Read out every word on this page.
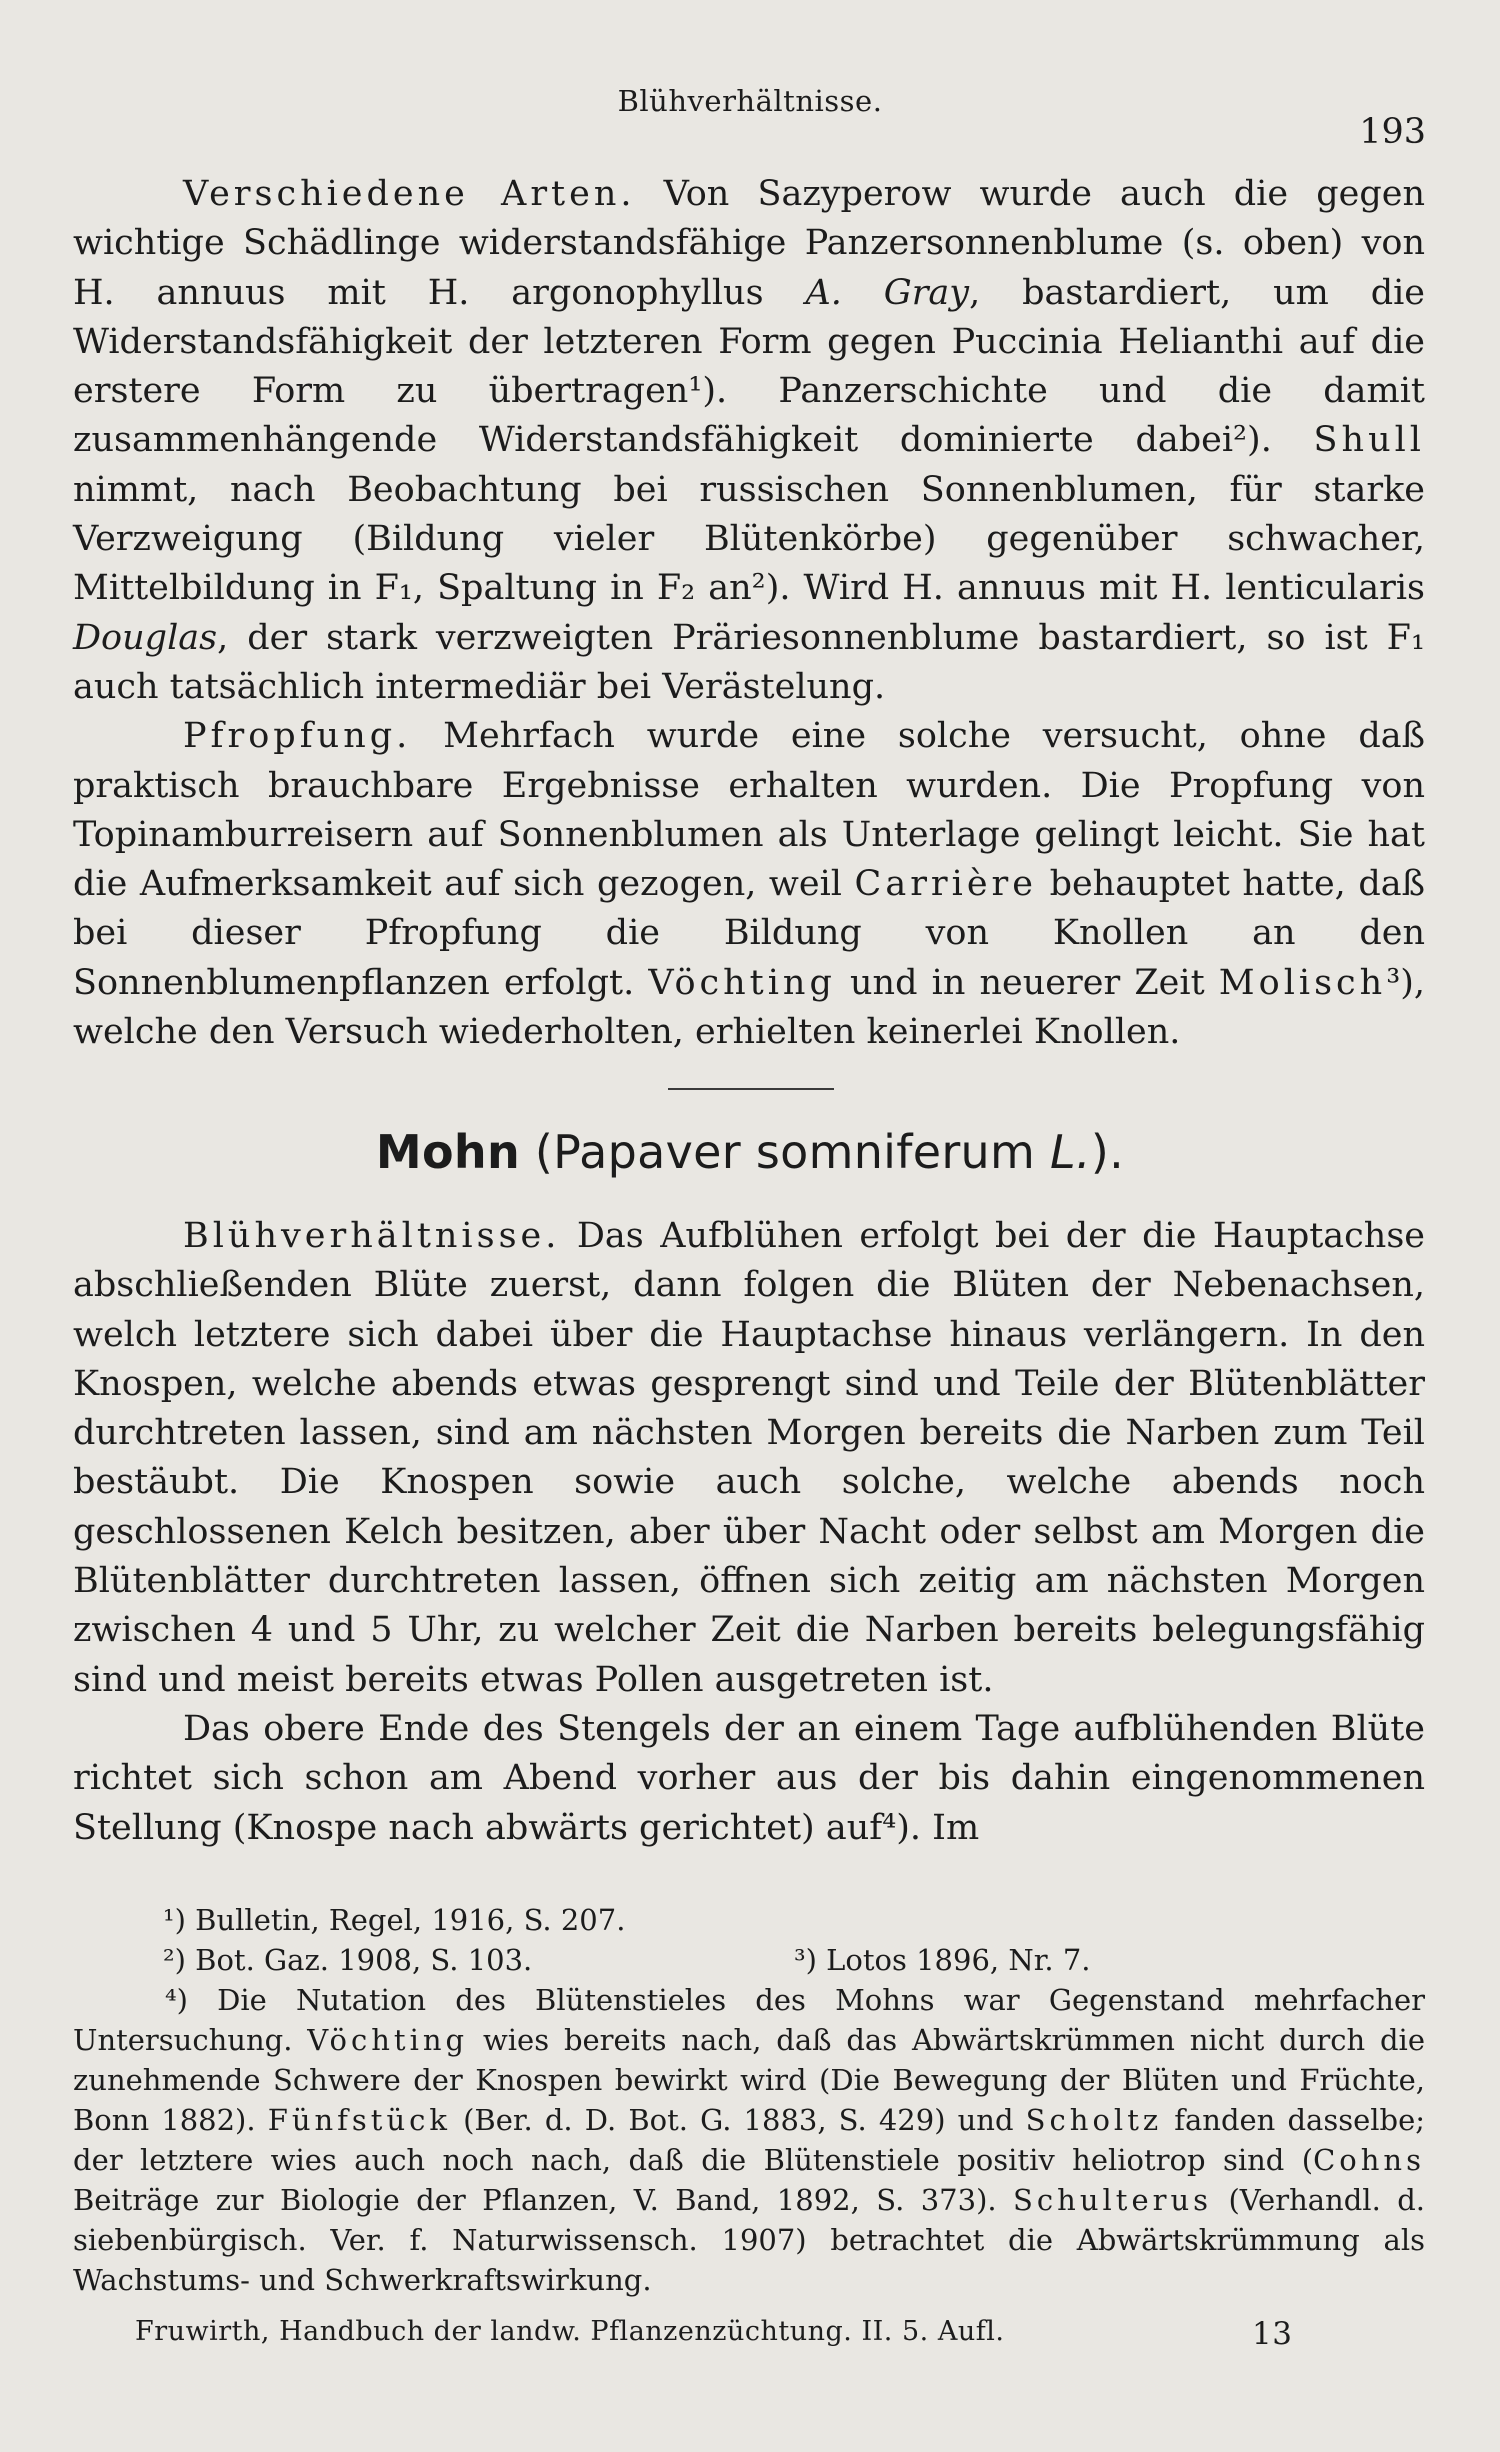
Blühverhältnisse.
193

Verschiedene Arten. Von Sazyperow wurde auch die gegen wichtige Schädlinge widerstandsfähige Panzersonnenblume (s. oben) von H. annuus mit H. argonophyllus A. Gray, bastardiert, um die Widerstandsfähigkeit der letzteren Form gegen Puccinia Helianthi auf die erstere Form zu übertragen¹). Panzerschichte und die damit zusammenhängende Widerstandsfähigkeit dominierte dabei²). Shull nimmt, nach Beobachtung bei russischen Sonnenblumen, für starke Verzweigung (Bildung vieler Blütenkörbe) gegenüber schwacher, Mittelbildung in F₁, Spaltung in F₂ an²). Wird H. annuus mit H. lenticularis Douglas, der stark verzweigten Präriesonnenblume bastardiert, so ist F₁ auch tatsächlich intermediär bei Verästelung.

Pfropfung. Mehrfach wurde eine solche versucht, ohne daß praktisch brauchbare Ergebnisse erhalten wurden. Die Propfung von Topinamburreisern auf Sonnenblumen als Unterlage gelingt leicht. Sie hat die Aufmerksamkeit auf sich gezogen, weil Carrière behauptet hatte, daß bei dieser Pfropfung die Bildung von Knollen an den Sonnenblumenpflanzen erfolgt. Vöchting und in neuerer Zeit Molisch³), welche den Versuch wiederholten, erhielten keinerlei Knollen.

Mohn (Papaver somniferum L.).

Blühverhältnisse. Das Aufblühen erfolgt bei der die Hauptachse abschließenden Blüte zuerst, dann folgen die Blüten der Nebenachsen, welch letztere sich dabei über die Hauptachse hinaus verlängern. In den Knospen, welche abends etwas gesprengt sind und Teile der Blütenblätter durchtreten lassen, sind am nächsten Morgen bereits die Narben zum Teil bestäubt. Die Knospen sowie auch solche, welche abends noch geschlossenen Kelch besitzen, aber über Nacht oder selbst am Morgen die Blütenblätter durchtreten lassen, öffnen sich zeitig am nächsten Morgen zwischen 4 und 5 Uhr, zu welcher Zeit die Narben bereits belegungsfähig sind und meist bereits etwas Pollen ausgetreten ist.

Das obere Ende des Stengels der an einem Tage aufblühenden Blüte richtet sich schon am Abend vorher aus der bis dahin eingenommenen Stellung (Knospe nach abwärts gerichtet) auf⁴). Im

¹) Bulletin, Regel, 1916, S. 207.

²) Bot. Gaz. 1908, S. 103.	³) Lotos 1896, Nr. 7.

⁴) Die Nutation des Blütenstieles des Mohns war Gegenstand mehrfacher Untersuchung. Vöchting wies bereits nach, daß das Abwärtskrümmen nicht durch die zunehmende Schwere der Knospen bewirkt wird (Die Bewegung der Blüten und Früchte, Bonn 1882). Fünfstück (Ber. d. D. Bot. G. 1883, S. 429) und Scholtz fanden dasselbe; der letztere wies auch noch nach, daß die Blütenstiele positiv heliotrop sind (Cohns Beiträge zur Biologie der Pflanzen, V. Band, 1892, S. 373). Schulterus (Verhandl. d. siebenbürgisch. Ver. f. Naturwissensch. 1907) betrachtet die Abwärtskrümmung als Wachstums- und Schwerkraftswirkung.

Fruwirth, Handbuch der landw. Pflanzenzüchtung. II. 5. Aufl.	13
